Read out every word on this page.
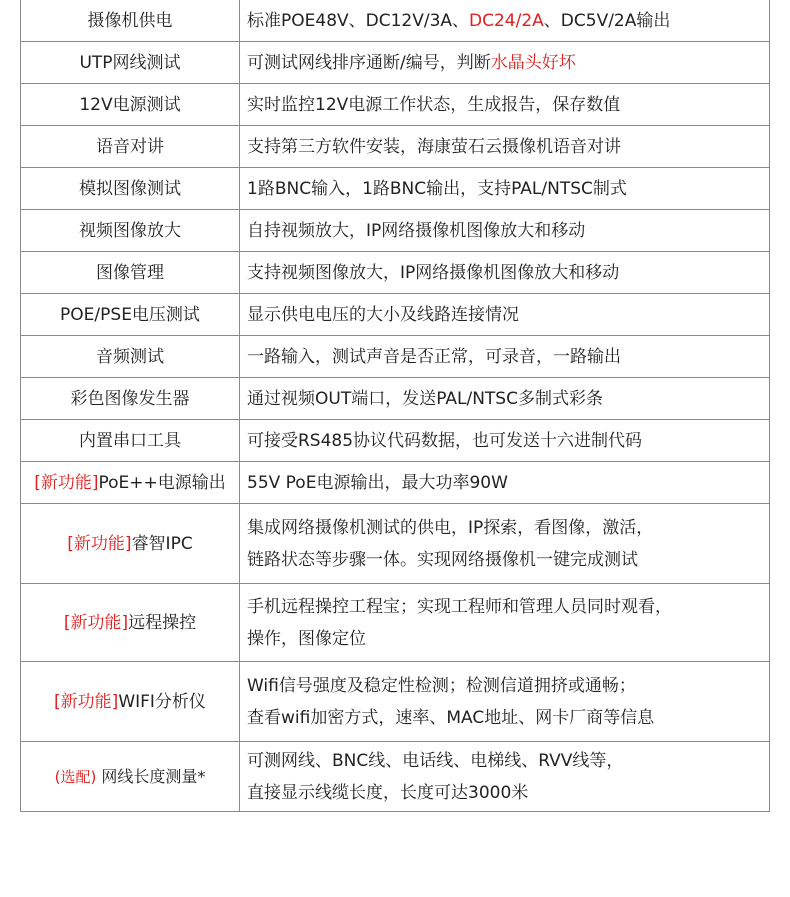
摄像机供电	标准POE48V、DC12V/3A、DC24/2A、DC5V/2A输出
UTP网线测试	可测试网线排序通断/编号，判断水晶头好坏
12V电源测试	实时监控12V电源工作状态，生成报告，保存数值
语音对讲	支持第三方软件安装，海康萤石云摄像机语音对讲
模拟图像测试	1路BNC输入，1路BNC输出，支持PAL/NTSC制式
视频图像放大	自持视频放大，IP网络摄像机图像放大和移动
图像管理	支持视频图像放大，IP网络摄像机图像放大和移动
POE/PSE电压测试	显示供电电压的大小及线路连接情况
音频测试	一路输入，测试声音是否正常，可录音，一路输出
彩色图像发生器	通过视频OUT端口，发送PAL/NTSC多制式彩条
内置串口工具	可接受RS485协议代码数据，也可发送十六进制代码
[新功能]PoE++电源输出	55V PoE电源输出，最大功率90W
[新功能]睿智IPC	集成网络摄像机测试的供电，IP探索，看图像，激活，
链路状态等步骤一体。实现网络摄像机一键完成测试

[新功能]远程操控	手机远程操控工程宝；实现工程师和管理人员同时观看，
操作，图像定位

[新功能]WIFI分析仪	Wifi信号强度及稳定性检测；检测信道拥挤或通畅；
查看wifi加密方式，速率、MAC地址、网卡厂商等信息

(选配) 网线长度测量*	可测网线、BNC线、电话线、电梯线、RVV线等，
直接显示线缆长度，长度可达3000米
